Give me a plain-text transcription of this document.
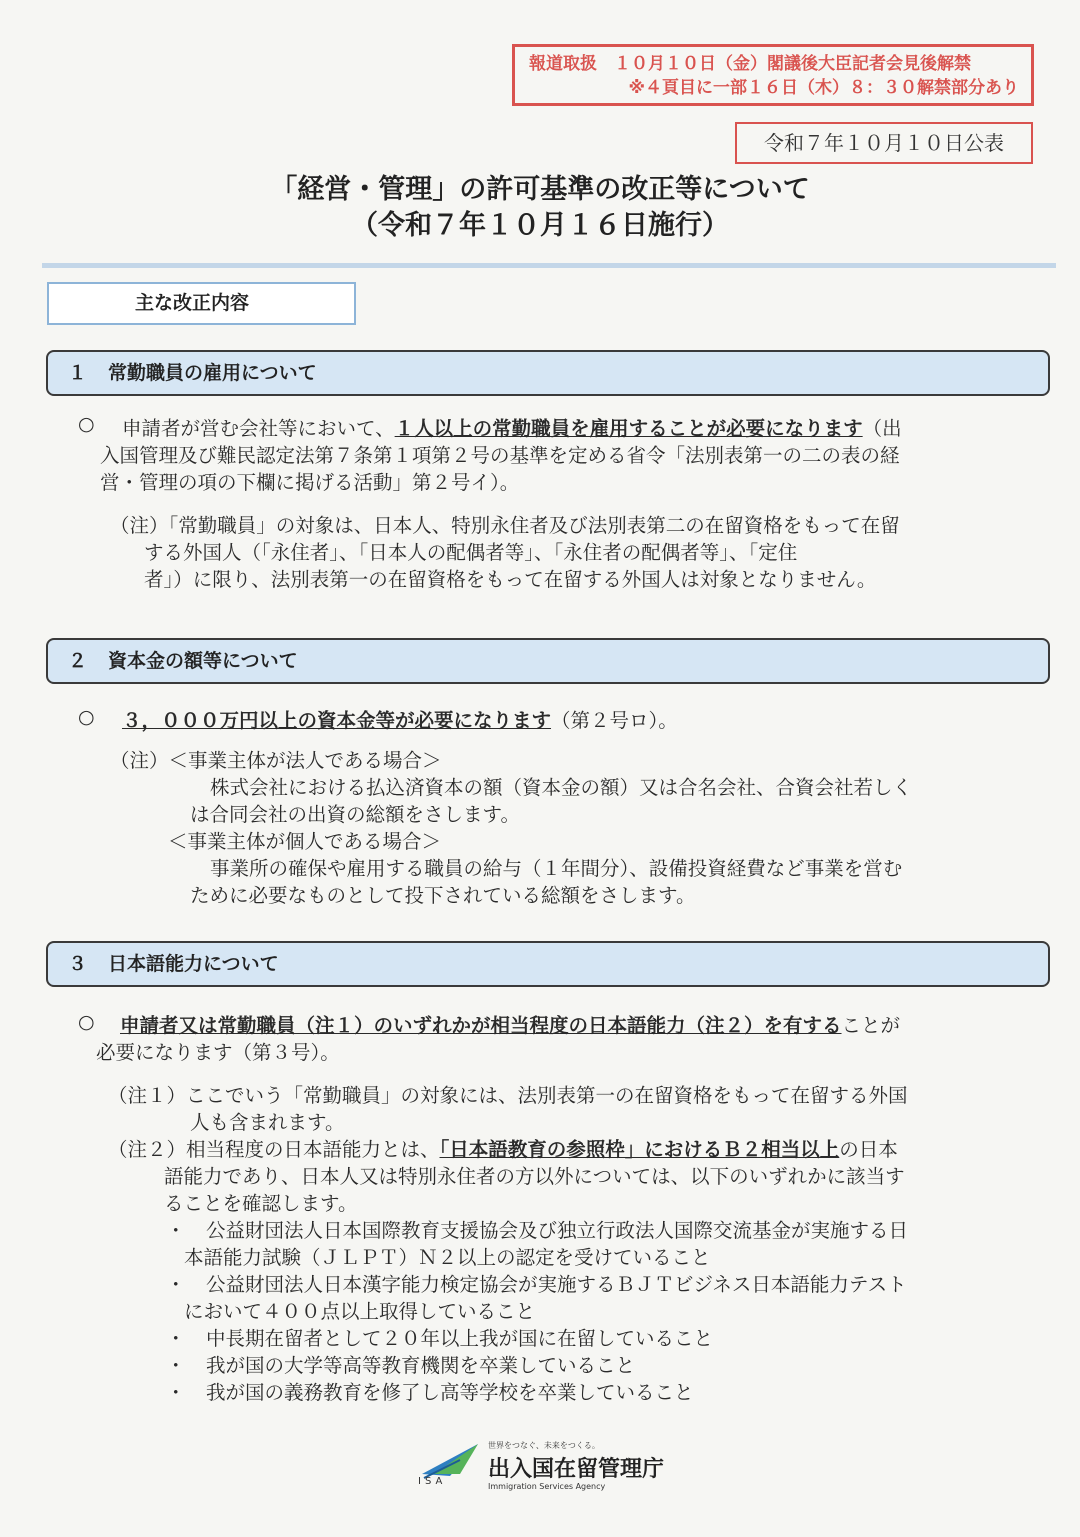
報道取扱　１０月１０日（金）閣議後大臣記者会見後解禁
※４頁目に一部１６日（木）８：３０解禁部分あり
令和７年１０月１０日公表
「経営・管理」の許可基準の改正等について
（令和７年１０月１６日施行）
主な改正内容
１ 常勤職員の雇用について
○	申請者が営む会社等において、１人以上の常勤職員を雇用することが必要になります（出
入国管理及び難民認定法第７条第１項第２号の基準を定める省令「法別表第一の二の表の経
営・管理の項の下欄に掲げる活動」第２号イ）。
（注）「常勤職員」の対象は、日本人、特別永住者及び法別表第二の在留資格をもって在留
する外国人（「永住者」、「日本人の配偶者等」、「永住者の配偶者等」、「定住
者」）に限り、法別表第一の在留資格をもって在留する外国人は対象となりません。
２ 資本金の額等について
○ ３，０００万円以上の資本金等が必要になります（第２号ロ）。
（注）＜事業主体が法人である場合＞
株式会社における払込済資本の額（資本金の額）又は合名会社、合資会社若しく
は合同会社の出資の総額をさします。
＜事業主体が個人である場合＞
事業所の確保や雇用する職員の給与（１年間分）、設備投資経費など事業を営む
ために必要なものとして投下されている総額をさします。
３ 日本語能力について
○	申請者又は常勤職員（注１）のいずれかが相当程度の日本語能力（注２）を有することが
必要になります（第３号）。
（注１）ここでいう「常勤職員」の対象には、法別表第一の在留資格をもって在留する外国
人も含まれます。
（注２）相当程度の日本語能力とは、「日本語教育の参照枠」におけるＢ２相当以上の日本
語能力であり、日本人又は特別永住者の方以外については、以下のいずれかに該当す
ることを確認します。
・ 公益財団法人日本国際教育支援協会及び独立行政法人国際交流基金が実施する日
本語能力試験（ＪＬＰＴ）Ｎ２以上の認定を受けていること
・ 公益財団法人日本漢字能力検定協会が実施するＢＪＴビジネス日本語能力テスト
において４００点以上取得していること
・ 中長期在留者として２０年以上我が国に在留していること
・ 我が国の大学等高等教育機関を卒業していること
・ 我が国の義務教育を修了し高等学校を卒業していること
ISA
世界をつなぐ、未来をつくる。
出入国在留管理庁
Immigration Services Agency
